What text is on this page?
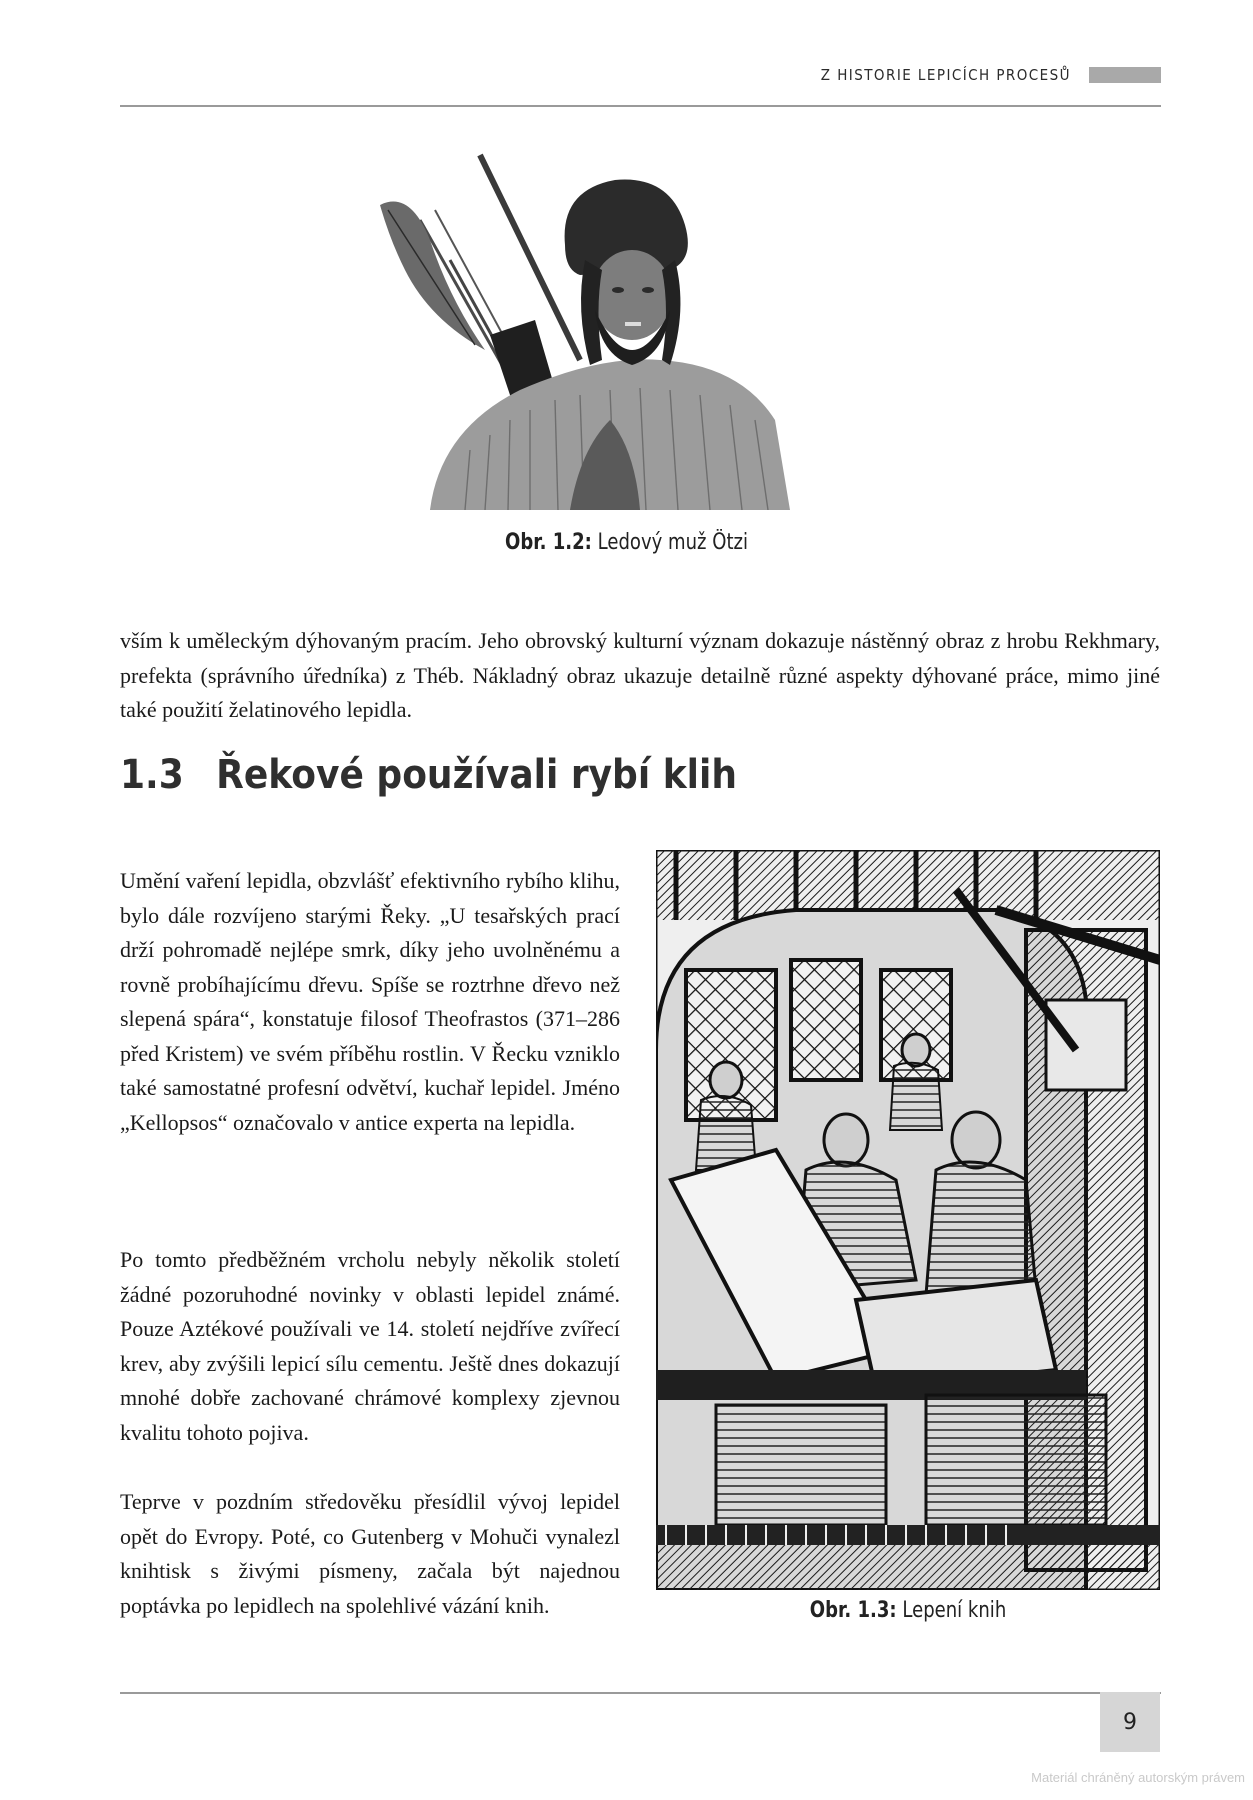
Z HISTORIE LEPICÍCH PROCESŮ
Obr. 1.2: Ledový muž Ötzi

vším k uměleckým dýhovaným pracím. Jeho obrovský kulturní význam dokazuje nástěnný obraz z hrobu Rekhmary, prefekta (správního úředníka) z Théb. Nákladný obraz ukazuje detailně různé aspekty dýhované práce, mimo jiné také použití želatinového lepidla.

1.3 Řekové používali rybí klih

Umění vaření lepidla, obzvlášť efektivního rybího klihu, bylo dále rozvíjeno starými Řeky. „U tesařských prací drží pohromadě nejlépe smrk, díky jeho uvolněnému a rovně probíhajícímu dřevu. Spíše se roztrhne dřevo než slepená spára“, konstatuje filosof Theofrastos (371–286 před Kristem) ve svém příběhu rostlin. V Řecku vzniklo také samostatné profesní odvětví, kuchař lepidel. Jméno „Kellopsos“ označovalo v antice experta na lepidla.

Po tomto předběžném vrcholu nebyly několik století žádné pozoruhodné novinky v oblasti lepidel známé. Pouze Aztékové používali ve 14. století nejdříve zvířecí krev, aby zvýšili lepicí sílu cementu. Ještě dnes dokazují mnohé dobře zachované chrámové komplexy zjevnou kvalitu tohoto pojiva.

Teprve v pozdním středověku přesídlil vývoj lepidel opět do Evropy. Poté, co Gutenberg v Mohuči vynalezl knihtisk s živými písmeny, začala být najednou poptávka po lepidlech na spolehlivé vázání knih.	Obr. 1.3: Lepení knih
9
Materiál chráněný autorským právem
